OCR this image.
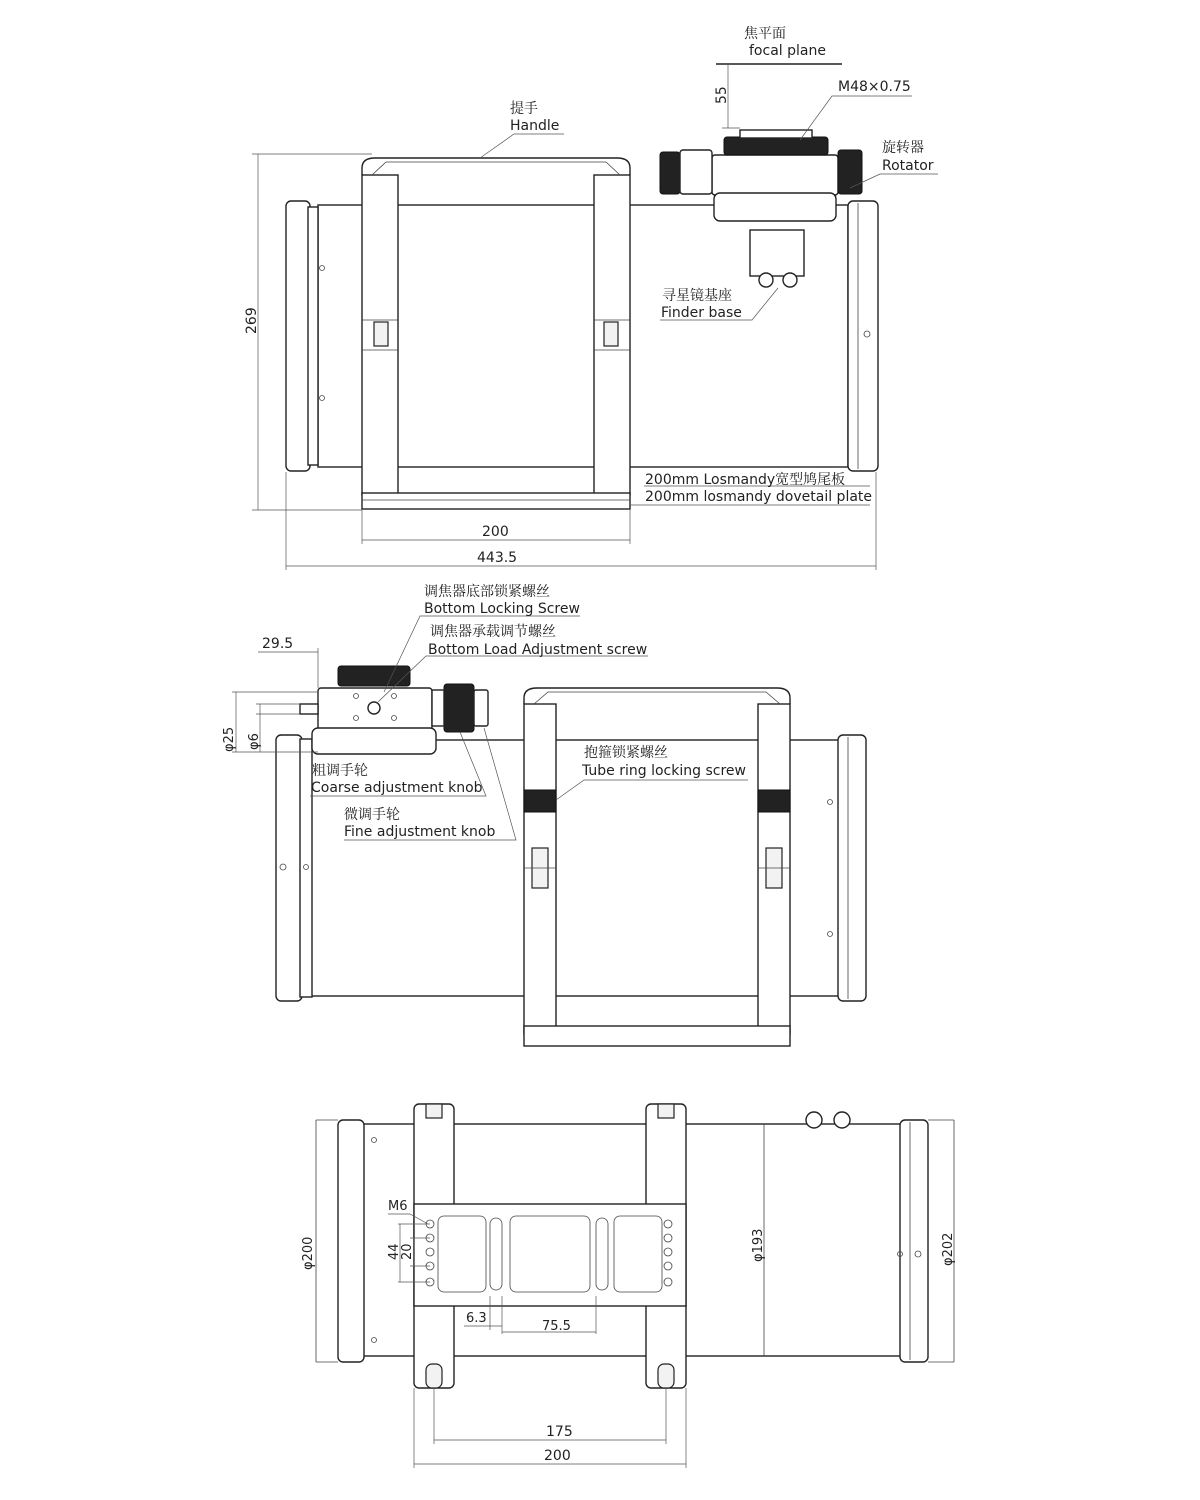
焦平面
focal plane
55	M48×0.75
提手
Handle
旋转器
Rotator
寻星镜基座
Finder base
200mm Losmandy宽型鸠尾板
200mm losmandy dovetail plate
269
200
443.5
29.5
φ25 φ6
调焦器底部锁紧螺丝
Bottom Locking Screw
调焦器承载调节螺丝
Bottom Load Adjustment screw
粗调手轮
Coarse adjustment knob
微调手轮
Fine adjustment knob
抱箍锁紧螺丝
Tube ring locking screw
M6
44
20
φ200	φ193	φ202
6.3
75.5
175
200
